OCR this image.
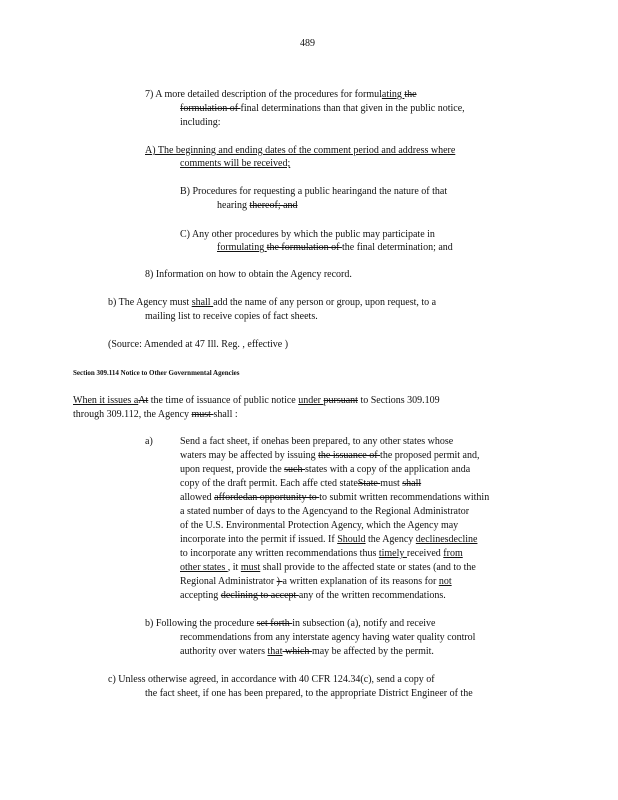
489
7) A more detailed description of the procedures for formulating the
formulation of final determinations than that given in the public notice,
including:
A) The beginning and ending dates of the comment period and address where
comments will be received;
B) Procedures for requesting a public hearingand the nature of that
hearing thereof; and
C) Any other procedures by which the public may participate in
formulating the formulation of the final determination; and
8) Information on how to obtain the Agency record.
b) The Agency must shall add the name of any person or group, upon request, to a
mailing list to receive copies of fact sheets.
(Source: Amended at 47 Ill. Reg. , effective )
Section 309.114 Notice to Other Governmental Agencies
When it issues aAt the time of issuance of public notice under pursuant to Sections 309.109
through 309.112, the Agency must shall :
a)	Send a fact sheet, if onehas been prepared, to any other states whose
waters may be affected by issuing the issuance of the proposed permit and,
upon request, provide the such states with a copy of the application anda
copy of the draft permit. Each affe cted stateState must shall
allowed affordedan opportunity to to submit written recommendations within
a stated number of days to the Agencyand to the Regional Administrator
of the U.S. Environmental Protection Agency, which the Agency may
incorporate into the permit if issued. If Should the Agency declinesdecline
to incorporate any written recommendations thus timely received from
other states , it must shall provide to the affected state or states (and to the
Regional Administrator ) a written explanation of its reasons for not
accepting declining to accept any of the written recommendations.
b) Following the procedure set forth in subsection (a), notify and receive
recommendations from any interstate agency having water quality control
authority over waters that which may be affected by the permit.
c) Unless otherwise agreed, in accordance with 40 CFR 124.34(c), send a copy of
the fact sheet, if one has been prepared, to the appropriate District Engineer of the
